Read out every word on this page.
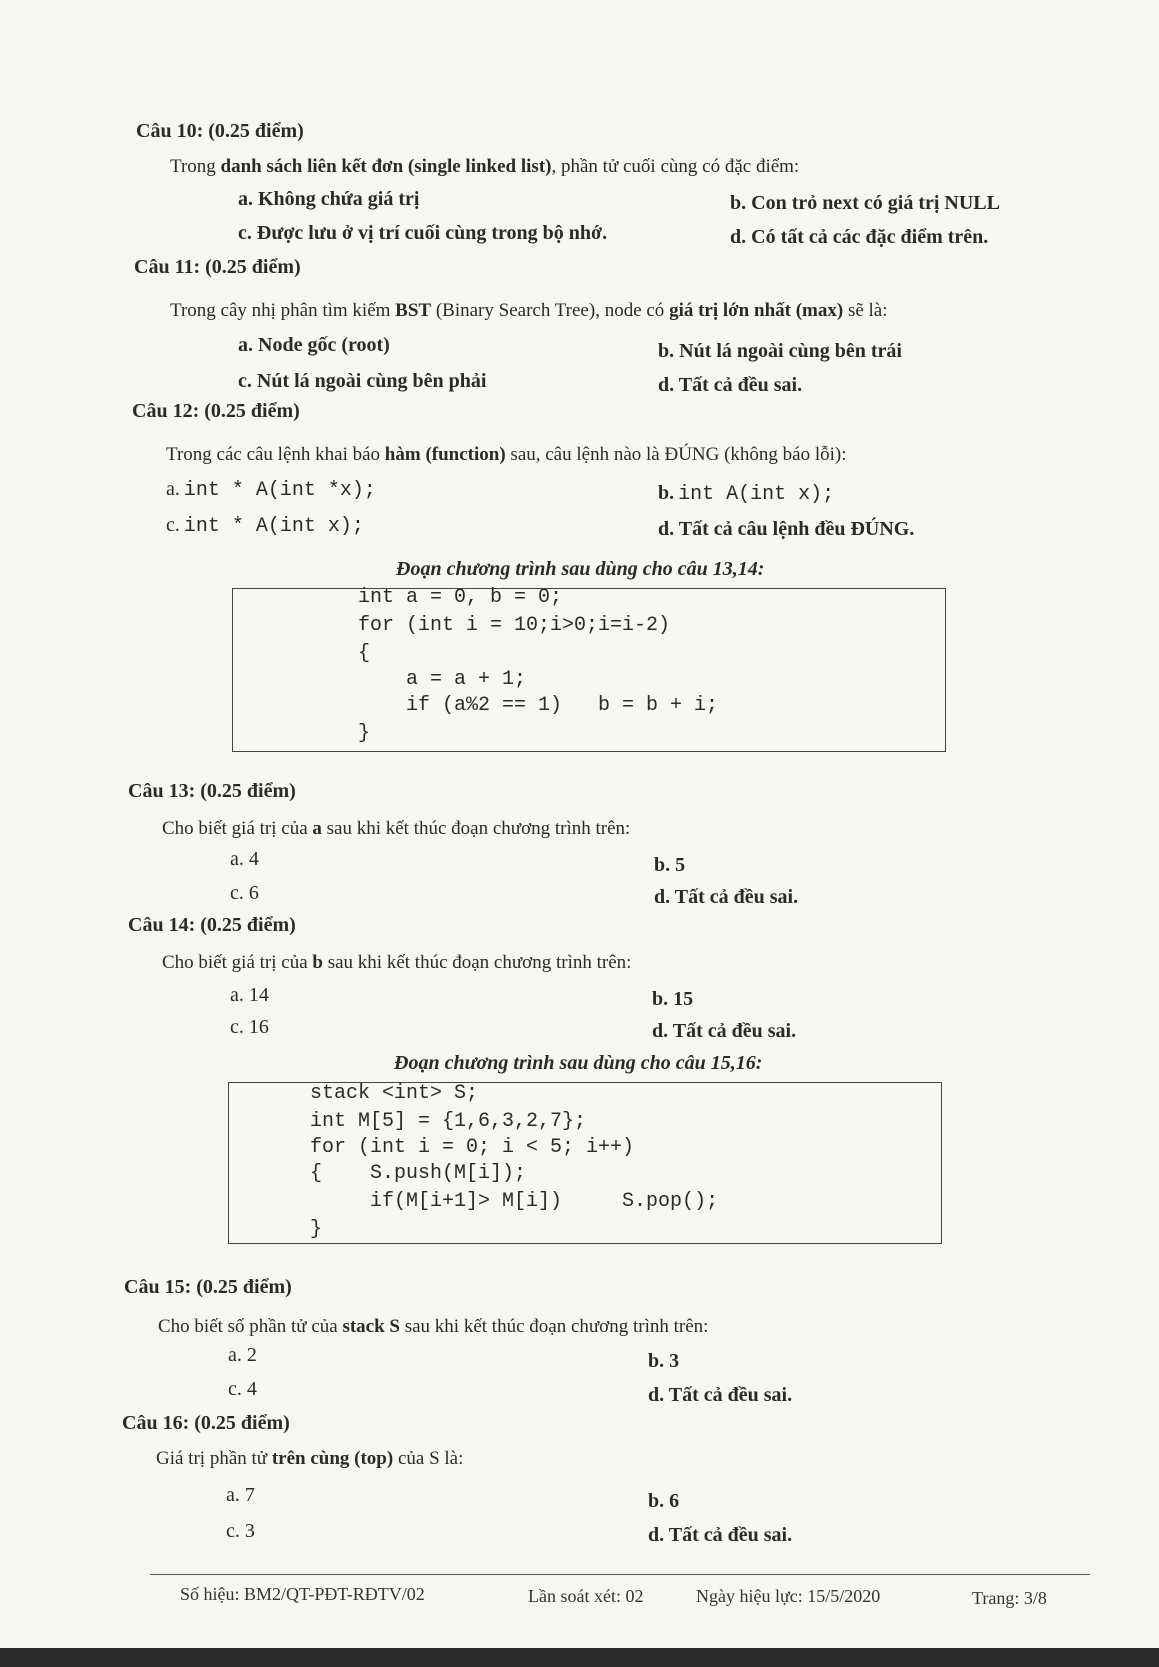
Câu 10: (0.25 điểm)
Trong danh sách liên kết đơn (single linked list), phần tử cuối cùng có đặc điểm:
a. Không chứa giá trị	b. Con trỏ next có giá trị NULL
c. Được lưu ở vị trí cuối cùng trong bộ nhớ.	d. Có tất cả các đặc điểm trên.
Câu 11: (0.25 điểm)
Trong cây nhị phân tìm kiếm BST (Binary Search Tree), node có giá trị lớn nhất (max) sẽ là:
a. Node gốc (root)	b. Nút lá ngoài cùng bên trái
c. Nút lá ngoài cùng bên phải	d. Tất cả đều sai.
Câu 12: (0.25 điểm)
Trong các câu lệnh khai báo hàm (function) sau, câu lệnh nào là ĐÚNG (không báo lỗi):
a. int * A(int *x);	b. int A(int x);
c. int * A(int x);	d. Tất cả câu lệnh đều ĐÚNG.
Đoạn chương trình sau dùng cho câu 13,14:
int a = 0, b = 0;
for (int i = 10;i>0;i=i-2)
{
a = a + 1;
if (a%2 == 1)   b = b + i;
}
Câu 13: (0.25 điểm)
Cho biết giá trị của a sau khi kết thúc đoạn chương trình trên:
a. 4	b. 5
c. 6	d. Tất cả đều sai.
Câu 14: (0.25 điểm)
Cho biết giá trị của b sau khi kết thúc đoạn chương trình trên:
a. 14	b. 15
c. 16	d. Tất cả đều sai.
Đoạn chương trình sau dùng cho câu 15,16:
stack <int> S;
int M[5] = {1,6,3,2,7};
for (int i = 0; i < 5; i++)
{    S.push(M[i]);
if(M[i+1]> M[i])     S.pop();
}
Câu 15: (0.25 điểm)
Cho biết số phần tử của stack S sau khi kết thúc đoạn chương trình trên:
a. 2	b. 3
c. 4	d. Tất cả đều sai.
Câu 16: (0.25 điểm)
Giá trị phần tử trên cùng (top) của S là:
a. 7	b. 6
c. 3	d. Tất cả đều sai.
Số hiệu: BM2/QT-PĐT-RĐTV/02	Lần soát xét: 02	Ngày hiệu lực: 15/5/2020	Trang: 3/8
